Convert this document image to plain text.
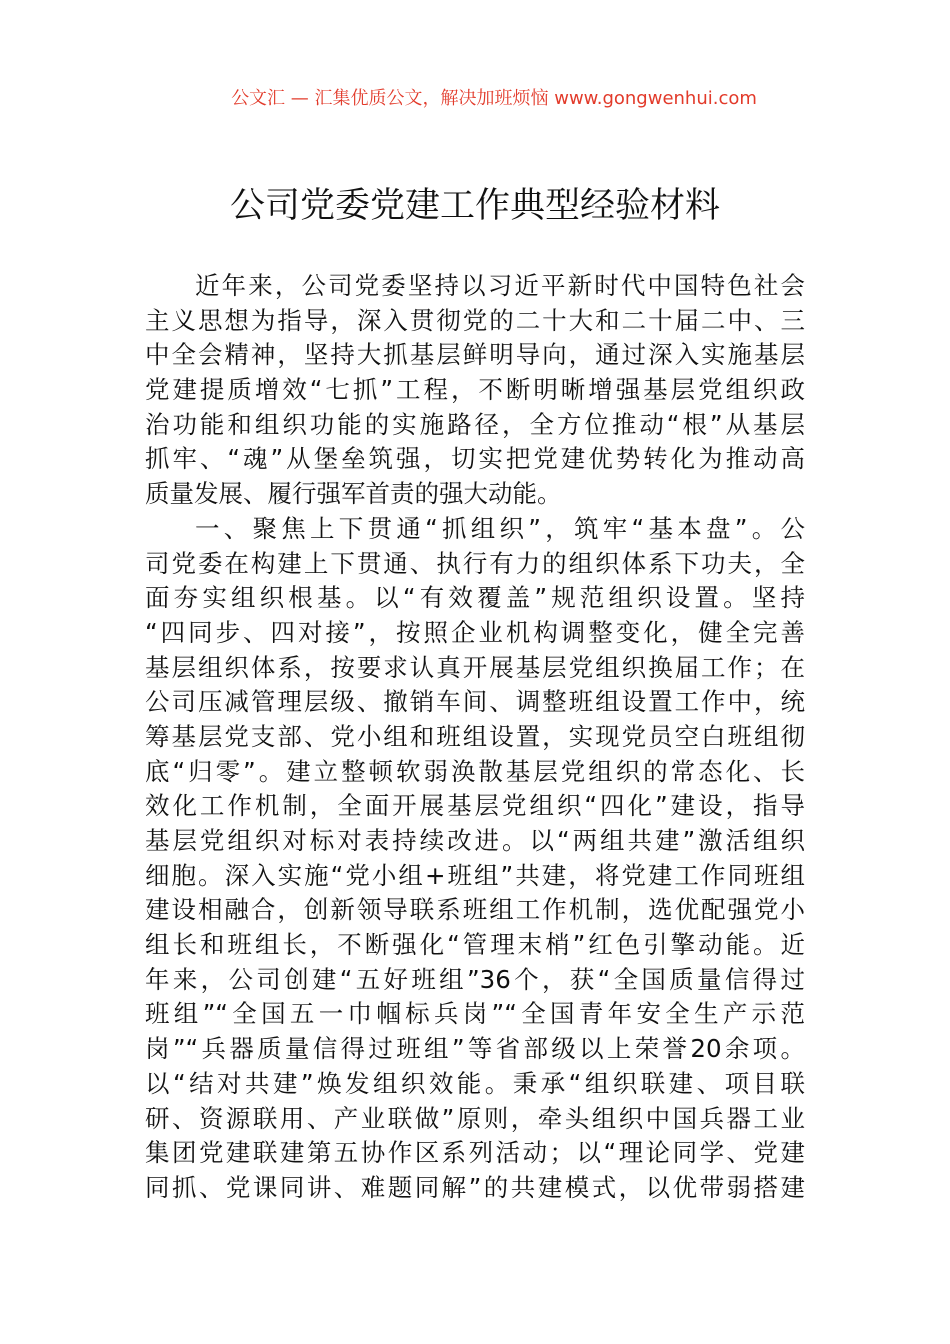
公文汇 — 汇集优质公文，解决加班烦恼 www.gongwenhui.com
公司党委党建工作典型经验材料
近年来，公司党委坚持以习近平新时代中国特色社会
主义思想为指导，深入贯彻党的二十大和二十届二中、三
中全会精神，坚持大抓基层鲜明导向，通过深入实施基层
党建提质增效“七抓”工程，不断明晰增强基层党组织政
治功能和组织功能的实施路径，全方位推动“根”从基层
抓牢、“魂”从堡垒筑强，切实把党建优势转化为推动高
质量发展、履行强军首责的强大动能。
一、聚焦上下贯通“抓组织”，筑牢“基本盘”。公
司党委在构建上下贯通、执行有力的组织体系下功夫，全
面夯实组织根基。以“有效覆盖”规范组织设置。坚持
“四同步、四对接”，按照企业机构调整变化，健全完善
基层组织体系，按要求认真开展基层党组织换届工作；在
公司压减管理层级、撤销车间、调整班组设置工作中，统
筹基层党支部、党小组和班组设置，实现党员空白班组彻
底“归零”。建立整顿软弱涣散基层党组织的常态化、长
效化工作机制，全面开展基层党组织“四化”建设，指导
基层党组织对标对表持续改进。以“两组共建”激活组织
细胞。深入实施“党小组+班组”共建，将党建工作同班组
建设相融合，创新领导联系班组工作机制，选优配强党小
组长和班组长，不断强化“管理末梢”红色引擎动能。近
年来，公司创建“五好班组”36个，获“全国质量信得过
班组”“全国五一巾帼标兵岗”“全国青年安全生产示范
岗”“兵器质量信得过班组”等省部级以上荣誉20余项。
以“结对共建”焕发组织效能。秉承“组织联建、项目联
研、资源联用、产业联做”原则，牵头组织中国兵器工业
集团党建联建第五协作区系列活动；以“理论同学、党建
同抓、党课同讲、难题同解”的共建模式，以优带弱搭建
